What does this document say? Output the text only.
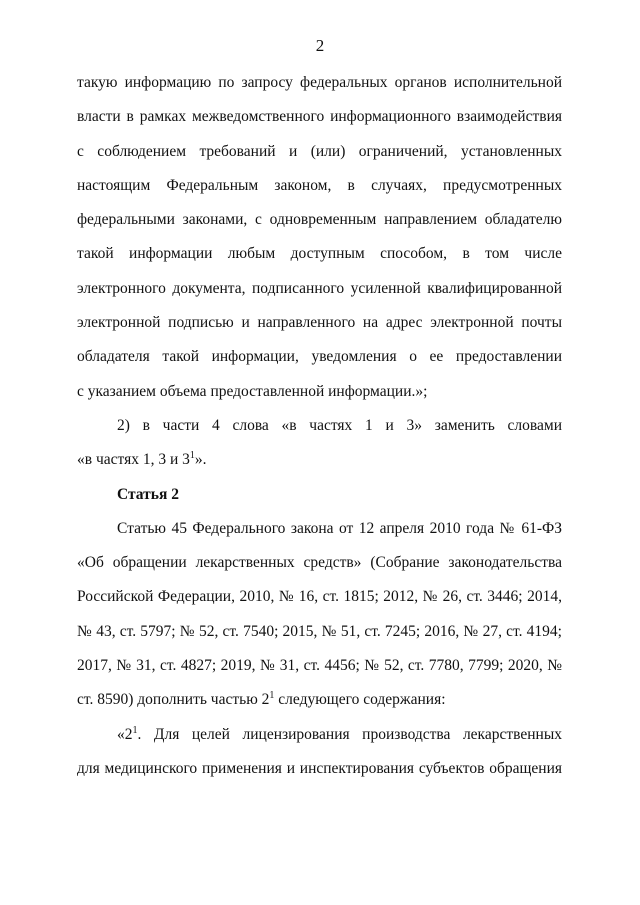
2
такую информацию по запросу федеральных органов исполнительной
власти в рамках межведомственного информационного взаимодействия
с соблюдением требований и (или) ограничений, установленных
настоящим Федеральным законом, в случаях, предусмотренных
федеральными законами, с одновременным направлением обладателю
такой информации любым доступным способом, в том числе
электронного документа, подписанного усиленной квалифицированной
электронной подписью и направленного на адрес электронной почты
обладателя такой информации, уведомления о ее предоставлении
с указанием объема предоставленной информации.»;
2) в части 4 слова «в частях 1 и 3» заменить словами
«в частях 1, 3 и $3^1$».
Статья 2
Статью 45 Федерального закона от 12 апреля 2010 года № 61-ФЗ
«Об обращении лекарственных средств» (Собрание законодательства
Российской Федерации, 2010, № 16, ст. 1815; 2012, № 26, ст. 3446; 2014,
№ 43, ст. 5797; № 52, ст. 7540; 2015, № 51, ст. 7245; 2016, № 27, ст. 4194;
2017, № 31, ст. 4827; 2019, № 31, ст. 4456; № 52, ст. 7780, 7799; 2020, №
ст. 8590) дополнить частью $2^1$ следующего содержания:
«$2^1$. Для целей лицензирования производства лекарственных
для медицинского применения и инспектирования субъектов обращения
